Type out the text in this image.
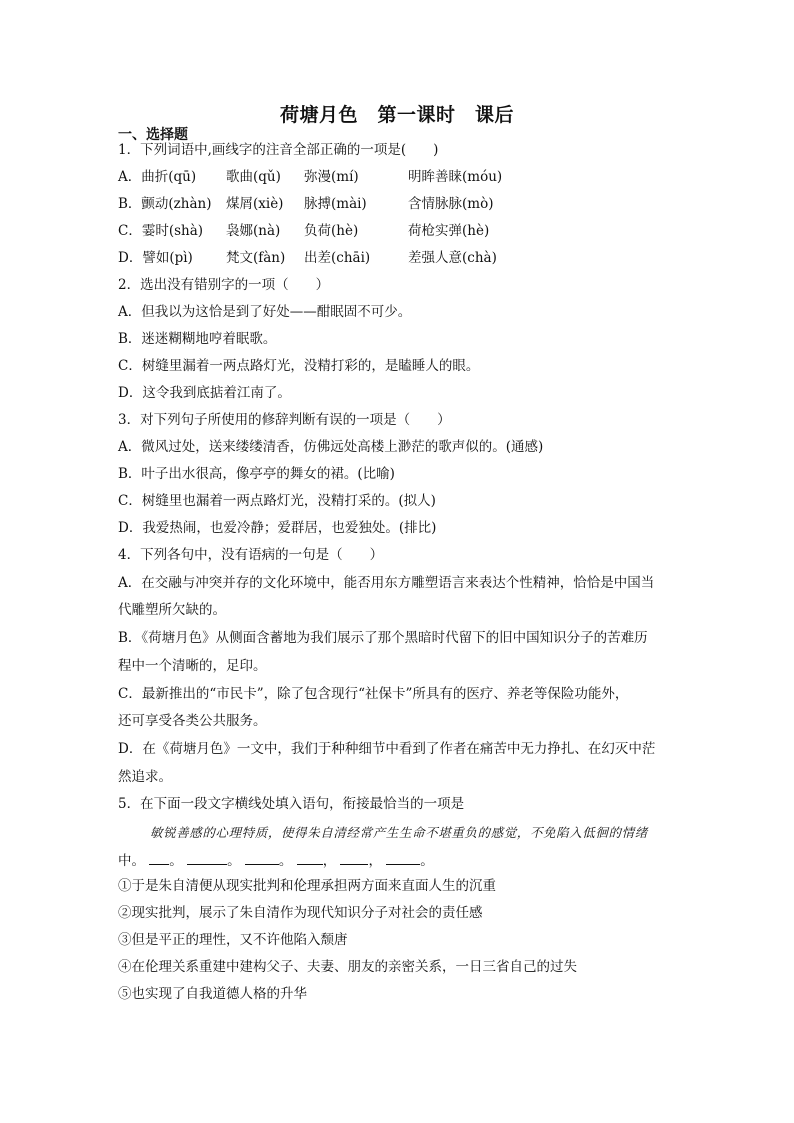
荷塘月色　第一课时　课后
一、选择题
1．下列词语中,画线字的注音全部正确的一项是(　　)
A．曲折(qū) 歌曲(qǔ) 弥漫(mí)	明眸善睐(móu)
B．颤动(zhàn) 煤屑(xiè) 脉搏(mài)	含情脉脉(mò)
C．霎时(shà) 袅娜(nà) 负荷(hè)	荷枪实弹(hè)
D．譬如(pì) 梵文(fàn) 出差(chāi)	差强人意(chà)
2．选出没有错别字的一项（　　）
A．但我以为这恰是到了好处——酣眠固不可少。
B．迷迷糊糊地哼着眠歌。
C．树缝里漏着一两点路灯光，没精打彩的，是瞌睡人的眼。
D．这令我到底掂着江南了。
3．对下列句子所使用的修辞判断有误的一项是（　　）
A．微风过处，送来缕缕清香，仿佛远处高楼上渺茫的歌声似的。(通感)
B．叶子出水很高，像亭亭的舞女的裙。(比喻)
C．树缝里也漏着一两点路灯光，没精打采的。(拟人)
D．我爱热闹，也爱冷静；爱群居，也爱独处。(排比)
4．下列各句中，没有语病的一句是（　　）
A．在交融与冲突并存的文化环境中，能否用东方雕塑语言来表达个性精神，恰恰是中国当
代雕塑所欠缺的。
B．《荷塘月色》从侧面含蓄地为我们展示了那个黑暗时代留下的旧中国知识分子的苦难历
程中一个清晰的，足印。
C．最新推出的“市民卡”，除了包含现行“社保卡”所具有的医疗、养老等保险功能外，
还可享受各类公共服务。
D．在《荷塘月色》一文中，我们于种种细节中看到了作者在痛苦中无力挣扎、在幻灭中茫
然追求。
5．在下面一段文字横线处填入语句，衔接最恰当的一项是
敏锐善感的心理特质，使得朱自清经常产生生命不堪重负的感觉，不免陷入低徊的情绪
中。 。	。	。 ， ，	。
①于是朱自清便从现实批判和伦理承担两方面来直面人生的沉重
②现实批判，展示了朱自清作为现代知识分子对社会的责任感
③但是平正的理性，又不许他陷入颓唐
④在伦理关系重建中建构父子、夫妻、朋友的亲密关系，一日三省自己的过失
⑤也实现了自我道德人格的升华
